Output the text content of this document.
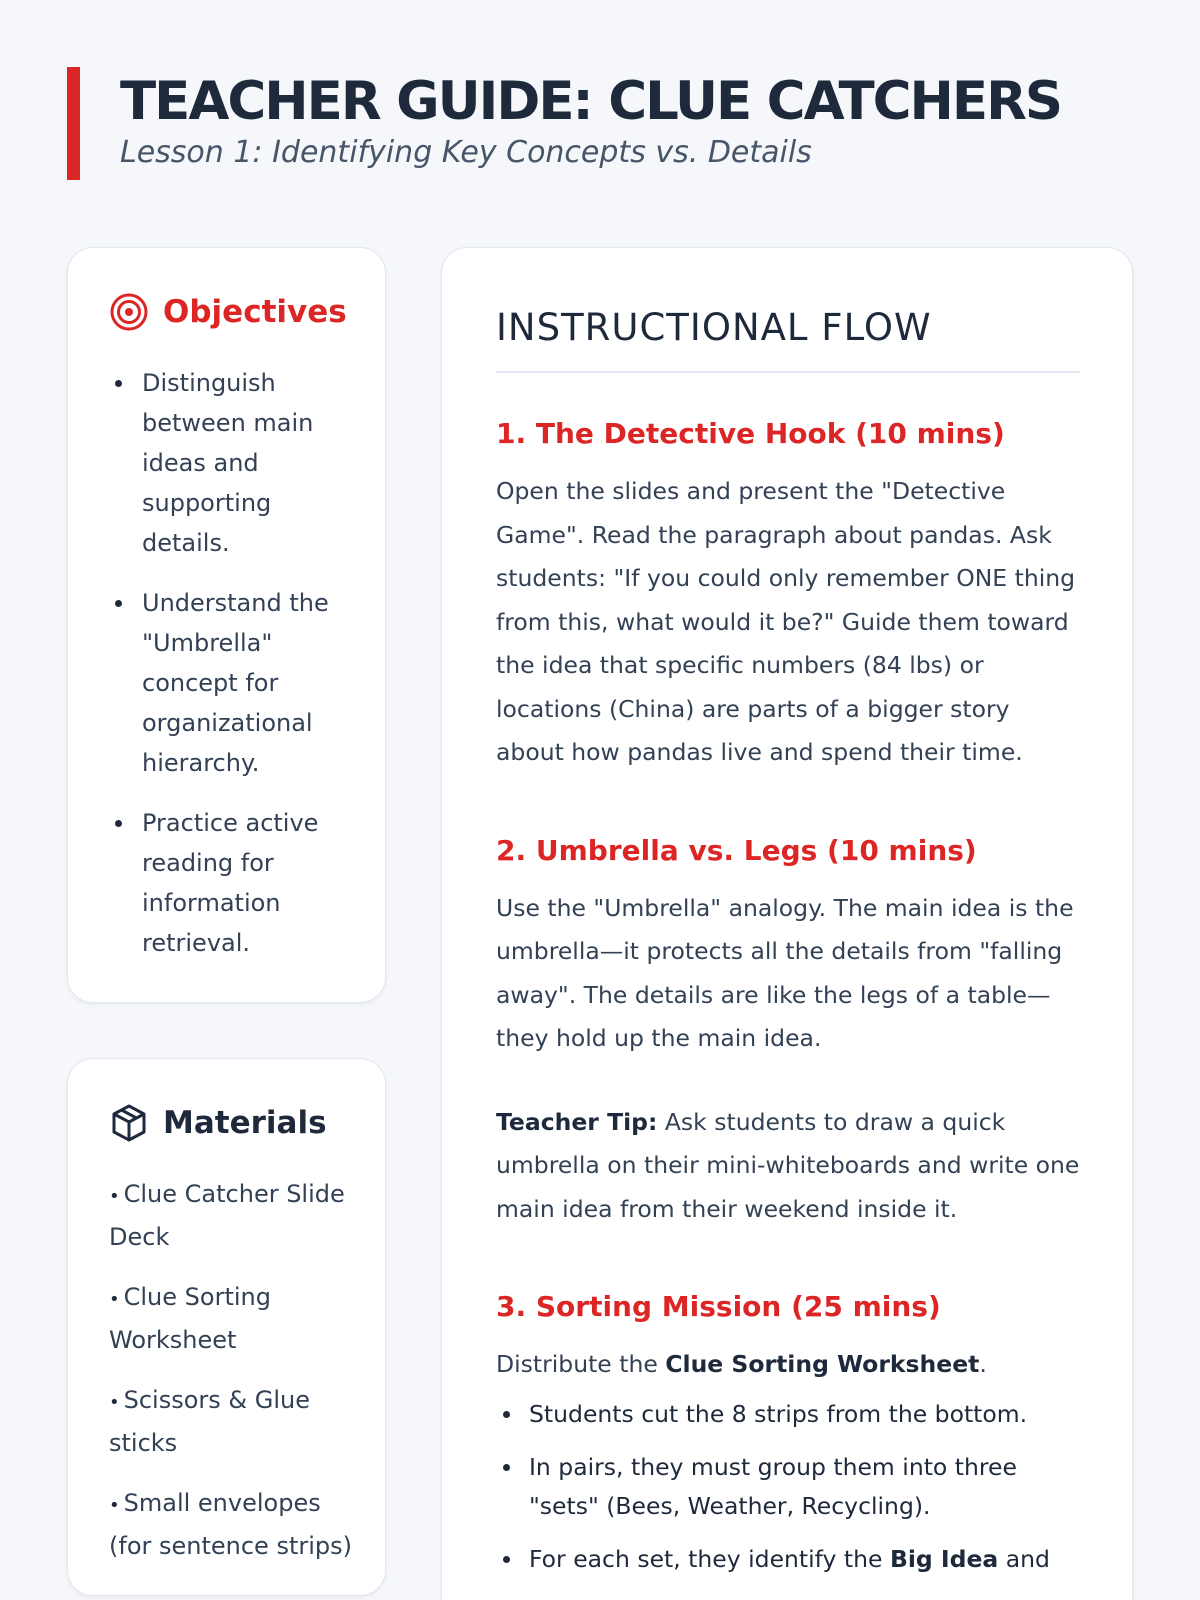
TEACHER GUIDE: CLUE CATCHERS
Lesson 1: Identifying Key Concepts vs. Details
Objectives
Distinguish between main ideas and supporting details.
Understand the "Umbrella" concept for organizational hierarchy.
Practice active reading for information retrieval.
Materials
• Clue Catcher Slide Deck
• Clue Sorting Worksheet
• Scissors & Glue sticks
• Small envelopes (for sentence strips)
INSTRUCTIONAL FLOW
1. The Detective Hook (10 mins)
Open the slides and present the "Detective Game". Read the paragraph about pandas. Ask students: "If you could only remember ONE thing from this, what would it be?" Guide them toward the idea that specific numbers (84 lbs) or locations (China) are parts of a bigger story about how pandas live and spend their time.
2. Umbrella vs. Legs (10 mins)
Use the "Umbrella" analogy. The main idea is the umbrella—it protects all the details from "falling away". The details are like the legs of a table—they hold up the main idea.
Teacher Tip: Ask students to draw a quick umbrella on their mini-whiteboards and write one main idea from their weekend inside it.
3. Sorting Mission (25 mins)
Distribute the Clue Sorting Worksheet.
Students cut the 8 strips from the bottom.
In pairs, they must group them into three "sets" (Bees, Weather, Recycling).
For each set, they identify the Big Idea and
